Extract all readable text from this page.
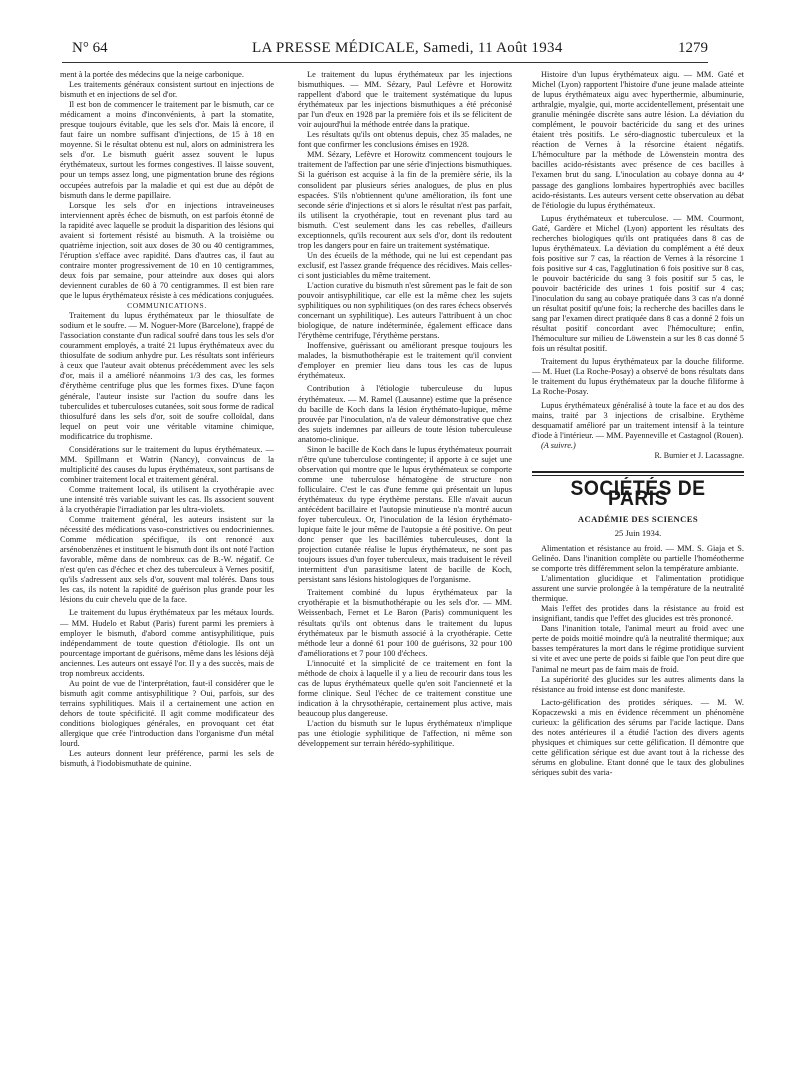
N° 64	LA PRESSE MÉDICALE, Samedi, 11 Août 1934	1279

ment à la portée des médecins que la neige carbonique.

Les traitements généraux consistent surtout en injections de bismuth et en injections de sel d'or.

Il est bon de commencer le traitement par le bismuth, car ce médicament a moins d'inconvénients, à part la stomatite, presque toujours évitable, que les sels d'or. Mais là encore, il faut faire un nombre suffisant d'injections, de 15 à 18 en moyenne. Si le résultat obtenu est nul, alors on administrera les sels d'or. Le bismuth guérit assez souvent le lupus érythémateux, surtout les formes congestives. Il laisse souvent, pour un temps assez long, une pigmentation brune des régions occupées autrefois par la maladie et qui est due au dépôt de bismuth dans le derme papillaire.

Lorsque les sels d'or en injections intraveineuses interviennent après échec de bismuth, on est parfois étonné de la rapidité avec laquelle se produit la disparition des lésions qui avaient si fortement résisté au bismuth. A la troisième ou quatrième injection, soit aux doses de 30 ou 40 centigrammes, l'éruption s'efface avec rapidité. Dans d'autres cas, il faut au contraire monter progressivement de 10 en 10 centigrammes, deux fois par semaine, pour atteindre aux doses qui alors deviennent curables de 60 à 70 centigrammes. Il est bien rare que le lupus érythémateux résiste à ces médications conjuguées.

COMMUNICATIONS.

Traitement du lupus érythémateux par le thiosulfate de sodium et le soufre. — M. Noguer-More (Barcelone), frappé de l'association constante d'un radical soufré dans tous les sels d'or couramment employés, a traité 21 lupus érythémateux avec du thiosulfate de sodium anhydre pur. Les résultats sont inférieurs à ceux que l'auteur avait obtenus précédemment avec les sels d'or, mais il a amélioré néanmoins 1/3 des cas, les formes d'érythème centrifuge plus que les formes fixes. D'une façon générale, l'auteur insiste sur l'action du soufre dans les tuberculides et tuberculoses cutanées, soit sous forme de radical thiosulfuré dans les sels d'or, soit de soufre colloïdal, dans lequel on peut voir une véritable vitamine chimique, modificatrice du trophisme.

Considérations sur le traitement du lupus érythémateux. — MM. Spillmann et Watrin (Nancy), convaincus de la multiplicité des causes du lupus érythémateux, sont partisans de combiner traitement local et traitement général.

Comme traitement local, ils utilisent la cryothérapie avec une intensité très variable suivant les cas. Ils associent souvent à la cryothérapie l'irradiation par les ultra-violets.

Comme traitement général, les auteurs insistent sur la nécessité des médications vaso-constrictives ou endocriniennes. Comme médication spécifique, ils ont renoncé aux arsénobenzènes et instituent le bismuth dont ils ont noté l'action favorable, même dans de nombreux cas de B.-W. négatif. Ce n'est qu'en cas d'échec et chez des tuberculeux à Vernes positif, qu'ils s'adressent aux sels d'or, souvent mal tolérés. Dans tous les cas, ils notent la rapidité de guérison plus grande pour les lésions du cuir chevelu que de la face.

Le traitement du lupus érythémateux par les métaux lourds. — MM. Hudelo et Rabut (Paris) furent parmi les premiers à employer le bismuth, d'abord comme antisyphilitique, puis indépendamment de toute question d'étiologie. Ils ont un pourcentage important de guérisons, même dans les lésions déjà anciennes. Les auteurs ont essayé l'or. Il y a des succès, mais de trop nombreux accidents.

Au point de vue de l'interprétation, faut-il considérer que le bismuth agit comme antisyphilitique ? Oui, parfois, sur des terrains syphilitiques. Mais il a certainement une action en dehors de toute spécificité. Il agit comme modificateur des conditions biologiques générales, en provoquant cet état allergique que crée l'introduction dans l'organisme d'un métal lourd.

Les auteurs donnent leur préférence, parmi les sels de bismuth, à l'iodobismuthate de quinine.

Le traitement du lupus érythémateux par les injections bismuthiques. — MM. Sézary, Paul Lefèvre et Horowitz rappellent d'abord que le traitement systématique du lupus érythémateux par les injections bismuthiques a été préconisé par l'un d'eux en 1928 par la première fois et ils se félicitent de voir aujourd'hui la méthode entrée dans la pratique.

Les résultats qu'ils ont obtenus depuis, chez 35 malades, ne font que confirmer les conclusions émises en 1928.

MM. Sézary, Lefèvre et Horowitz commencent toujours le traitement de l'affection par une série d'injections bismuthiques. Si la guérison est acquise à la fin de la première série, ils la consolident par plusieurs séries analogues, de plus en plus espacées. S'ils n'obtiennent qu'une amélioration, ils font une seconde série d'injections et si alors le résultat n'est pas parfait, ils utilisent la cryothérapie, tout en revenant plus tard au bismuth. C'est seulement dans les cas rebelles, d'ailleurs exceptionnels, qu'ils recourent aux sels d'or, dont ils redoutent trop les dangers pour en faire un traitement systématique.

Un des écueils de la méthode, qui ne lui est cependant pas exclusif, est l'assez grande fréquence des récidives. Mais celles-ci sont justiciables du même traitement.

L'action curative du bismuth n'est sûrement pas le fait de son pouvoir antisyphilitique, car elle est la même chez les sujets syphilitiques ou non syphilitiques (on des rares échecs observés concernant un syphilitique). Les auteurs l'attribuent à un choc biologique, de nature indéterminée, également efficace dans l'érythème centrifuge, l'érythème perstans.

Inoffensive, guérissant ou améliorant presque toujours les malades, la bismuthothérapie est le traitement qu'il convient d'employer en premier lieu dans tous les cas de lupus érythémateux.

Contribution à l'étiologie tuberculeuse du lupus érythémateux. — M. Ramel (Lausanne) estime que la présence du bacille de Koch dans la lésion érythémato-lupique, même prouvée par l'inoculation, n'a de valeur démonstrative que chez des sujets indemnes par ailleurs de toute lésion tuberculeuse anatomo-clinique.

Sinon le bacille de Koch dans le lupus érythémateux pourrait n'être qu'une tuberculose contingente; il apporte à ce sujet une observation qui montre que le lupus érythémateux se comporte comme une tuberculose hématogène de structure non folliculaire. C'est le cas d'une femme qui présentait un lupus érythémateux du type érythème perstans. Elle n'avait aucun antécédent bacillaire et l'autopsie minutieuse n'a montré aucun foyer tuberculeux. Or, l'inoculation de la lésion érythémato-lupique faite le jour même de l'autopsie a été positive. On peut donc penser que les bacillémies tuberculeuses, dont la projection cutanée réalise le lupus érythémateux, ne sont pas toujours issues d'un foyer tuberculeux, mais traduisent le réveil intermittent d'un parasitisme latent de bacille de Koch, persistant sans lésions histologiques de l'organisme.

Traitement combiné du lupus érythémateux par la cryothérapie et la bismuthothérapie ou les sels d'or. — MM. Weissenbach, Fernet et Le Baron (Paris) communiquent les résultats qu'ils ont obtenus dans le traitement du lupus érythémateux par le bismuth associé à la cryothérapie. Cette méthode leur a donné 61 pour 100 de guérisons, 32 pour 100 d'améliorations et 7 pour 100 d'échecs.

L'innocuité et la simplicité de ce traitement en font la méthode de choix à laquelle il y a lieu de recourir dans tous les cas de lupus érythémateux quelle qu'en soit l'ancienneté et la forme clinique. Seul l'échec de ce traitement constitue une indication à la chrysothérapie, certainement plus active, mais beaucoup plus dangereuse.

L'action du bismuth sur le lupus érythémateux n'implique pas une étiologie syphilitique de l'affection, ni même son développement sur terrain hérédo-syphilitique.

Histoire d'un lupus érythémateux aigu. — MM. Gaté et Michel (Lyon) rapportent l'histoire d'une jeune malade atteinte de lupus érythémateux aigu avec hyperthermie, albuminurie, arthralgie, myalgie, qui, morte accidentellement, présentait une granulie méningée discrète sans autre lésion. La déviation du complément, le pouvoir bactéricide du sang et des urines étaient très positifs. Le séro-diagnostic tuberculeux et la réaction de Vernes à la résorcine étaient négatifs. L'hémoculture par la méthode de Löwenstein montra des bacilles acido-résistants avec présence de ces bacilles à l'examen brut du sang. L'inoculation au cobaye donna au 4ᵉ passage des ganglions lombaires hypertrophiés avec bacilles acido-résistants. Les auteurs versent cette observation au débat de l'étiologie du lupus érythémateux.

Lupus érythémateux et tuberculose. — MM. Courmont, Gaté, Gardère et Michel (Lyon) apportent les résultats des recherches biologiques qu'ils ont pratiquées dans 8 cas de lupus érythémateux. La déviation du complément a été deux fois positive sur 7 cas, la réaction de Vernes à la résorcine 1 fois positive sur 4 cas, l'agglutination 6 fois positive sur 8 cas, le pouvoir bactéricide du sang 3 fois positif sur 5 cas, le pouvoir bactéricide des urines 1 fois positif sur 4 cas; l'inoculation du sang au cobaye pratiquée dans 3 cas n'a donné un résultat positif qu'une fois; la recherche des bacilles dans le sang par l'examen direct pratiquée dans 8 cas a donné 2 fois un résultat positif concordant avec l'hémoculture; enfin, l'hémoculture sur milieu de Löwenstein a sur les 8 cas donné 5 fois un résultat positif.

Traitement du lupus érythémateux par la douche filiforme. — M. Huet (La Roche-Posay) a observé de bons résultats dans le traitement du lupus érythémateux par la douche filiforme à La Roche-Posay.

Lupus érythémateux généralisé à toute la face et au dos des mains, traité par 3 injections de crisalbine. Erythème desquamatif amélioré par un traitement intensif à la teinture d'iode à l'intérieur. — MM. Payenneville et Castagnol (Rouen).

(A suivre.)

R. Burnier et J. Lacassagne.

SOCIÉTÉS DE PARIS
ACADÉMIE DES SCIENCES
25 Juin 1934.

Alimentation et résistance au froid. — MM. S. Giaja et S. Gelinéo. Dans l'inanition complète ou partielle l'homéotherme se comporte très différemment selon la température ambiante.

L'alimentation glucidique et l'alimentation protidique assurent une survie prolongée à la température de la neutralité thermique.

Mais l'effet des protides dans la résistance au froid est insignifiant, tandis que l'effet des glucides est très prononcé.

Dans l'inanition totale, l'animal meurt au froid avec une perte de poids moitié moindre qu'à la neutralité thermique; aux basses températures la mort dans le régime protidique survient si vite et avec une perte de poids si faible que l'on peut dire que l'animal ne meurt pas de faim mais de froid.

La supériorité des glucides sur les autres aliments dans la résistance au froid intense est donc manifeste.

Lacto-gélification des protides sériques. — M. W. Kopaczewski a mis en évidence récemment un phénomène curieux: la gélification des sérums par l'acide lactique. Dans des notes antérieures il a étudié l'action des divers agents physiques et chimiques sur cette gélification. Il démontre que cette gélification sérique est due avant tout à la richesse des sérums en globuline. Etant donné que le taux des globulines sériques subit des varia-
